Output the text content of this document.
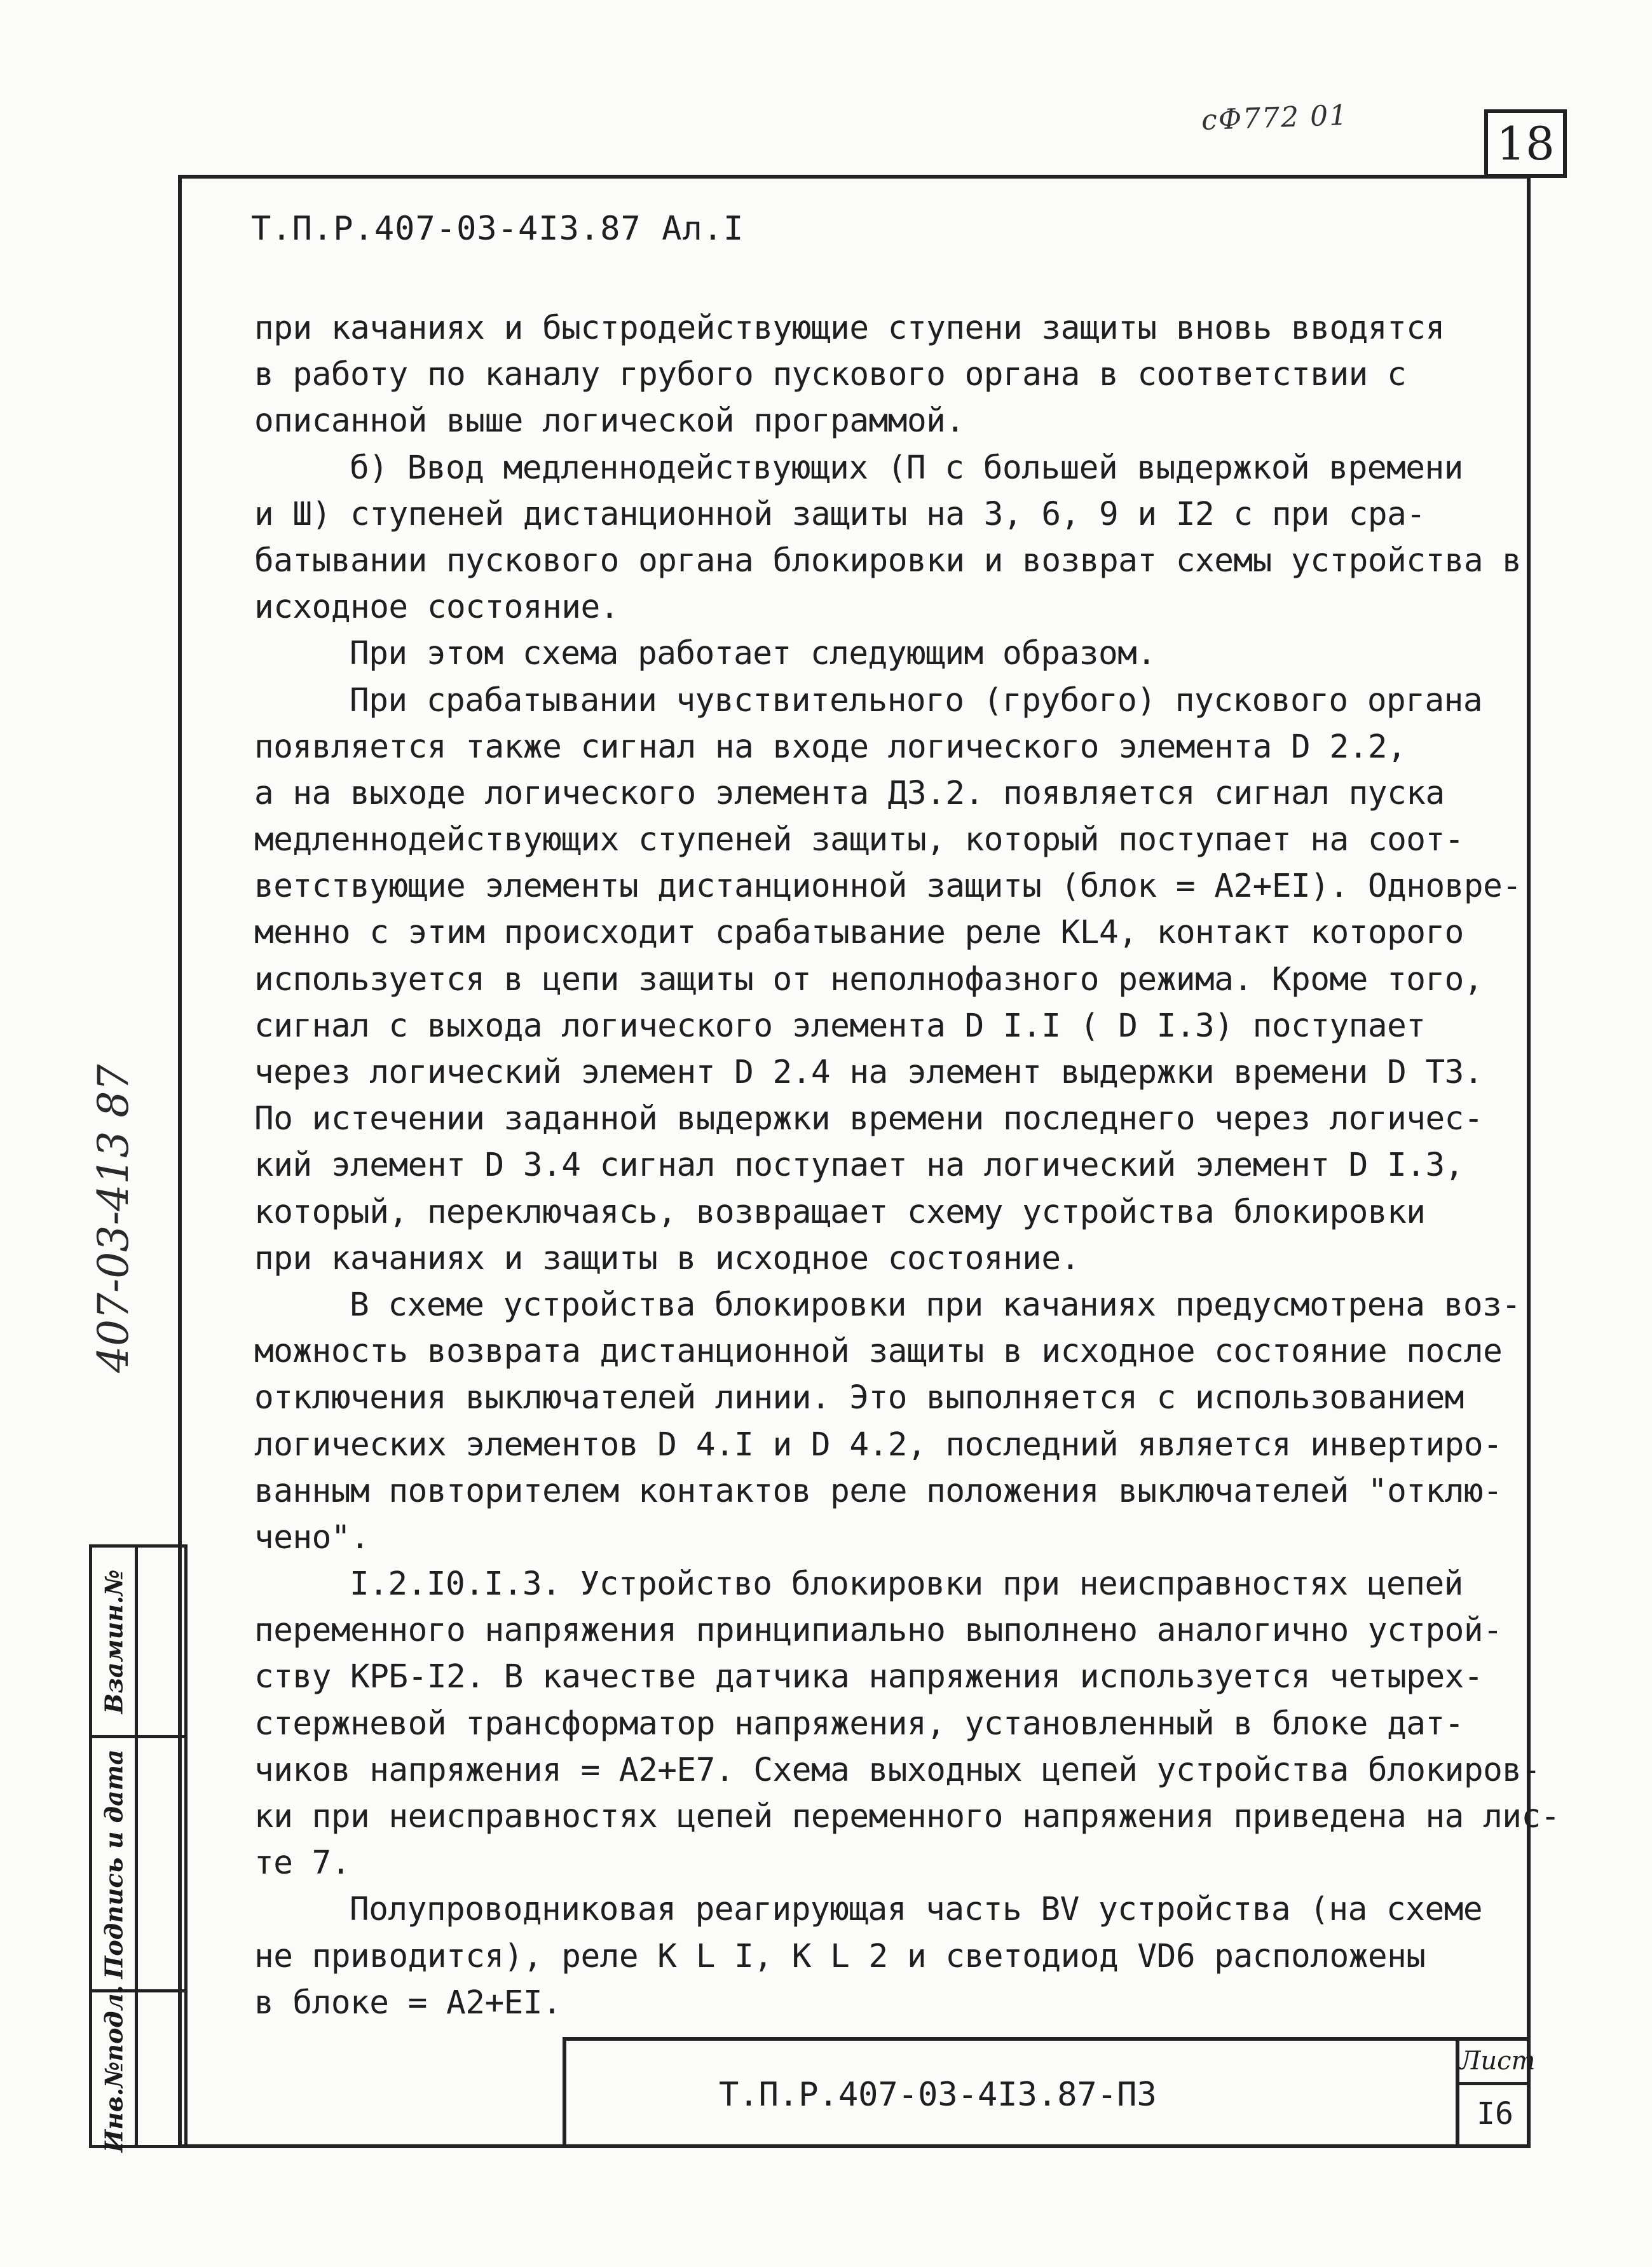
сФ772 01	18
Т.П.Р.407-03-4I3.87 Ал.I
при качаниях и быстродействующие ступени защиты вновь вводятся
в работу по каналу грубого пускового органа в соответствии с
описанной выше логической программой.
б) Ввод медленнодействующих (П с большей выдержкой времени
и Ш) ступеней дистанционной защиты на 3, 6, 9 и I2 с при сра-
батывании пускового органа блокировки и возврат схемы устройства в
исходное состояние.
При этом схема работает следующим образом.
При срабатывании чувствительного (грубого) пускового органа
появляется также сигнал на входе логического элемента D 2.2,
а на выходе логического элемента Д3.2. появляется сигнал пуска
медленнодействующих ступеней защиты, который поступает на соот-
ветствующие элементы дистанционной защиты (блок = А2+ЕI). Одновре-
менно с этим происходит срабатывание реле KL4, контакт которого
используется в цепи защиты от неполнофазного режима. Кроме того,
сигнал с выхода логического элемента D I.I ( D I.3) поступает
через логический элемент D 2.4 на элемент выдержки времени D Т3.
По истечении заданной выдержки времени последнего через логичес-
кий элемент D 3.4 сигнал поступает на логический элемент D I.3,
который, переключаясь, возвращает схему устройства блокировки
при качаниях и защиты в исходное состояние.
В схеме устройства блокировки при качаниях предусмотрена воз-
можность возврата дистанционной защиты в исходное состояние после
отключения выключателей линии. Это выполняется с использованием
логических элементов D 4.I и D 4.2, последний является инвертиро-
ванным повторителем контактов реле положения выключателей "отклю-
чено".
I.2.I0.I.3. Устройство блокировки при неисправностях цепей
переменного напряжения принципиально выполнено аналогично устрой-
ству КРБ-I2. В качестве датчика напряжения используется четырех-
стержневой трансформатор напряжения, установленный в блоке дат-
чиков напряжения = А2+Е7. Схема выходных цепей устройства блокиров-
ки при неисправностях цепей переменного напряжения приведена на лис-
те 7.
Полупроводниковая реагирующая часть BV устройства (на схеме
не приводится), реле K L I, K L 2 и светодиод VD6 расположены
в блоке = А2+ЕI.
407-03-413 87
Взамин.№
Подпись и дата
Инв.№подл.	Т.П.Р.407-03-4I3.87-П3
Лист
I6
